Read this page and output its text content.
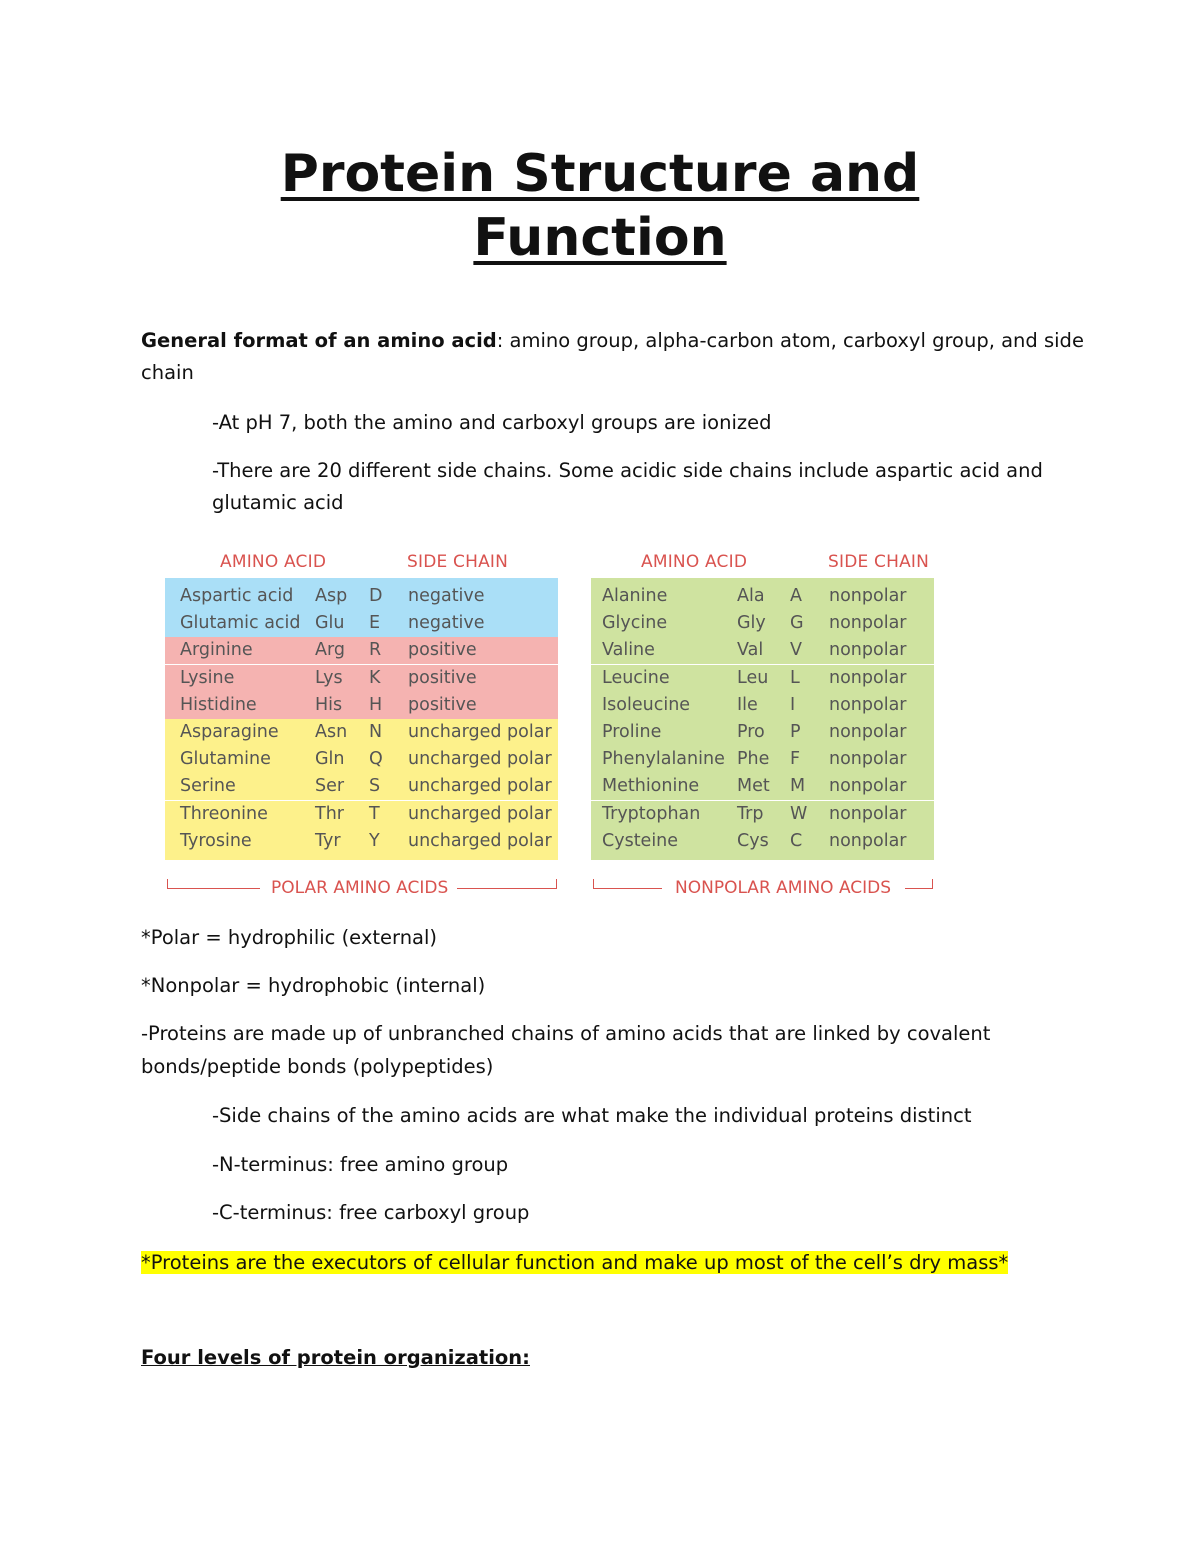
Protein Structure and
Function
General format of an amino acid: amino group, alpha-carbon atom, carboxyl group, and side
chain
-At pH 7, both the amino and carboxyl groups are ionized
-There are 20 different side chains. Some acidic side chains include aspartic acid and
glutamic acid
AMINO ACID	SIDE CHAIN	AMINO ACID	SIDE CHAIN
Aspartic acid Asp D negative
Glutamic acid Glu E negative
Arginine	Arg R positive
Lysine	Lys K positive
Histidine	His H positive
Asparagine Asn N uncharged polar
Glutamine	Gln Q uncharged polar
Serine	Ser S uncharged polar
Threonine	Thr T uncharged polar
Tyrosine	Tyr Y uncharged polar
Alanine	Ala A nonpolar
Glycine	Gly G nonpolar
Valine	Val V nonpolar
Leucine	Leu L nonpolar
Isoleucine	Ile I nonpolar
Proline	Pro P nonpolar
Phenylalanine Phe F nonpolar
Methionine Met M nonpolar
Tryptophan Trp W nonpolar
Cysteine	Cys C nonpolar
POLAR AMINO ACIDS	NONPOLAR AMINO ACIDS
*Polar = hydrophilic (external)
*Nonpolar = hydrophobic (internal)
-Proteins are made up of unbranched chains of amino acids that are linked by covalent
bonds/peptide bonds (polypeptides)
-Side chains of the amino acids are what make the individual proteins distinct
-N-terminus: free amino group
-C-terminus: free carboxyl group
*Proteins are the executors of cellular function and make up most of the cell’s dry mass*
Four levels of protein organization:
